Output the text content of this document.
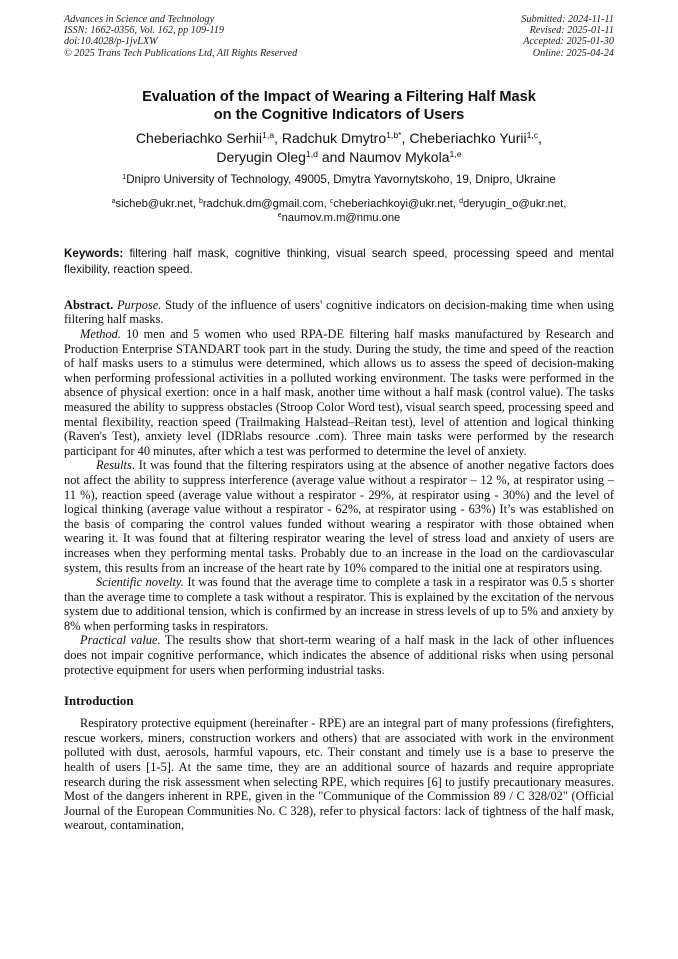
Advances in Science and Technology
ISSN: 1662-0356, Vol. 162, pp 109-119
doi:10.4028/p-1jvLXW
© 2025 Trans Tech Publications Ltd, All Rights Reserved
Submitted: 2024-11-11
Revised: 2025-01-11
Accepted: 2025-01-30
Online: 2025-04-24
Evaluation of the Impact of Wearing a Filtering Half Mask
on the Cognitive Indicators of Users
Cheberiachko Serhii$^{1,a}$, Radchuk Dmytro$^{1,b*}$, Cheberiachko Yurii$^{1,c}$,
Deryugin Oleg$^{1,d}$ and Naumov Mykola$^{1,e}$
$^1$Dnipro University of Technology, 49005, Dmytra Yavornytskoho, 19, Dnipro, Ukraine
$^a$sicheb@ukr.net, $^b$radchuk.dm@gmail.com, $^c$cheberiachkoyi@ukr.net, $^d$deryugin_o@ukr.net,
$^e$naumov.m.m@nmu.one
Keywords: filtering half mask, cognitive thinking, visual search speed, processing speed and mental flexibility, reaction speed.

Abstract. Purpose. Study of the influence of users' cognitive indicators on decision-making time when using filtering half masks.

Method. 10 men and 5 women who used RPA-DE filtering half masks manufactured by Research and Production Enterprise STANDART took part in the study. During the study, the time and speed of the reaction of half masks users to a stimulus were determined, which allows us to assess the speed of decision-making when performing professional activities in a polluted working environment. The tasks were performed in the absence of physical exertion: once in a half mask, another time without a half mask (control value). The tasks measured the ability to suppress obstacles (Stroop Color Word test), visual search speed, processing speed and mental flexibility, reaction speed (Trailmaking Halstead–Reitan test), level of attention and logical thinking (Raven's Test), anxiety level (IDRlabs resource .com). Three main tasks were performed by the research participant for 40 minutes, after which a test was performed to determine the level of anxiety.

Results. It was found that the filtering respirators using at the absence of another negative factors does not affect the ability to suppress interference (average value without a respirator – 12 %, at respirator using – 11 %), reaction speed (average value without a respirator - 29%, at respirator using - 30%) and the level of logical thinking (average value without a respirator - 62%, at respirator using - 63%) It’s was established on the basis of comparing the control values funded without wearing a respirator with those obtained when wearing it. It was found that at filtering respirator wearing the level of stress load and anxiety of users are increases when they performing mental tasks. Probably due to an increase in the load on the cardiovascular system, this results from an increase of the heart rate by 10% compared to the initial one at respirators using.

Scientific novelty. It was found that the average time to complete a task in a respirator was 0.5 s shorter than the average time to complete a task without a respirator. This is explained by the excitation of the nervous system due to additional tension, which is confirmed by an increase in stress levels of up to 5% and anxiety by 8% when performing tasks in respirators.

Practical value. The results show that short-term wearing of a half mask in the lack of other influences does not impair cognitive performance, which indicates the absence of additional risks when using personal protective equipment for users when performing industrial tasks.

Introduction

Respiratory protective equipment (hereinafter - RPE) are an integral part of many professions (firefighters, rescue workers, miners, construction workers and others) that are associated with work in the environment polluted with dust, aerosols, harmful vapours, etc. Their constant and timely use is a base to preserve the health of users [1-5]. At the same time, they are an additional source of hazards and require appropriate research during the risk assessment when selecting RPE, which requires [6] to justify precautionary measures. Most of the dangers inherent in RPE, given in the "Communique of the Commission 89 / C 328/02" (Official Journal of the European Communities No. C 328), refer to physical factors: lack of tightness of the half mask, wearout, contamination,
